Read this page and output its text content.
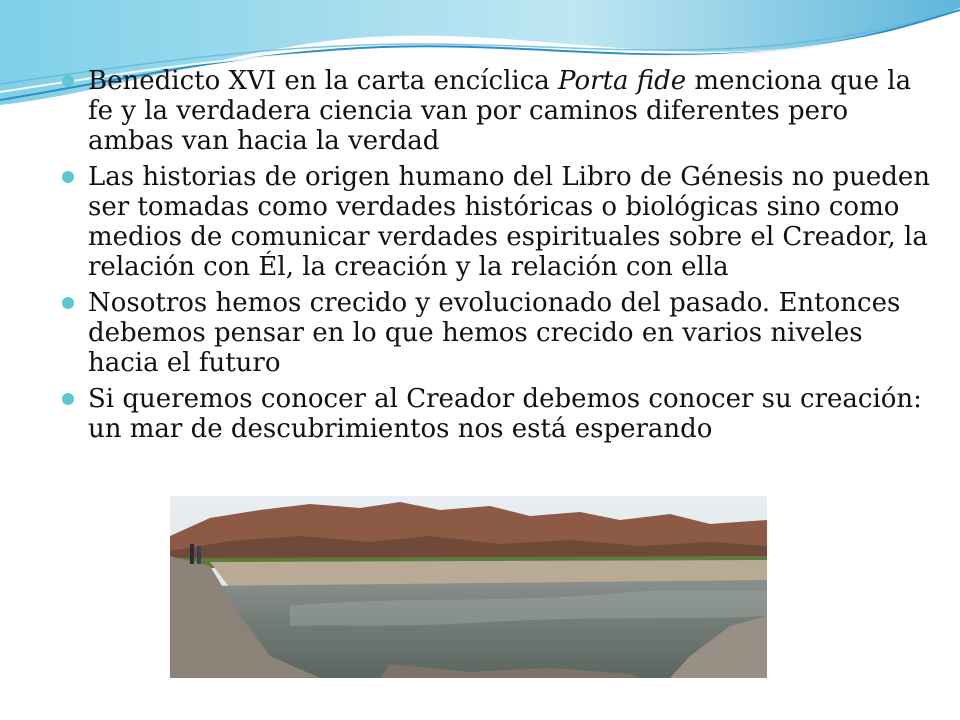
Benedicto XVI en la carta encíclica Porta fide menciona que la fe y la verdadera ciencia van por caminos diferentes pero ambas van hacia la verdad
Las historias de origen humano del Libro de Génesis no pueden ser tomadas como verdades históricas o biológicas sino como medios de comunicar verdades espirituales sobre el Creador, la relación con Él, la creación y la relación con ella
Nosotros hemos crecido y evolucionado del pasado. Entonces debemos pensar en lo que hemos crecido en varios niveles hacia el futuro
Si queremos conocer al Creador debemos conocer su creación: un mar de descubrimientos nos está esperando
